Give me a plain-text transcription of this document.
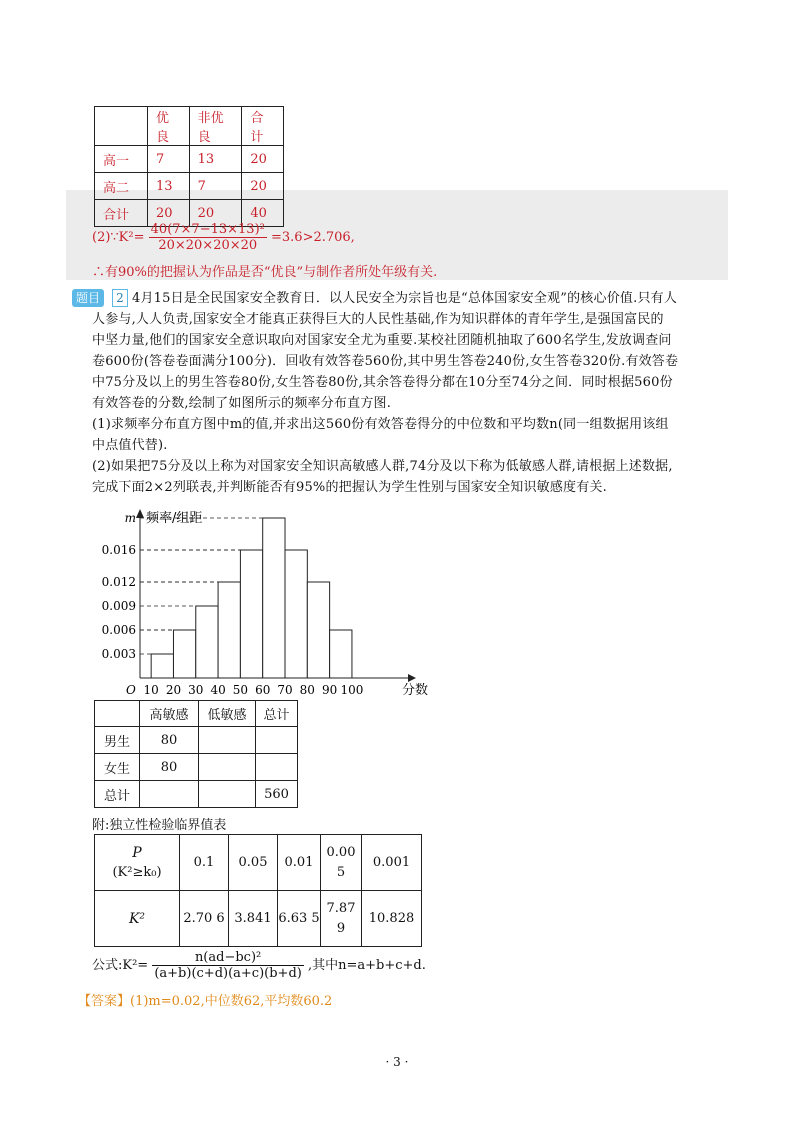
	优良	非优良	合计
高一	7	13	20
高二	13	7	20
合计	20	20	40
(2)∵K²= $\frac{\text{40(7×7−13×13)²}}{20\times 20\times 20\times 20} =3.6>2.706$,
∴有90%的把握认为作品是否“优良”与制作者所处年级有关.
题目	2 4月15日是全民国家安全教育日．以人民安全为宗旨也是“总体国家安全观”的核心价值.只有人
人参与,人人负责,国家安全才能真正获得巨大的人民性基础,作为知识群体的青年学生,是强国富民的
中坚力量,他们的国家安全意识取向对国家安全尤为重要.某校社团随机抽取了600名学生,发放调查问
卷600份(答卷卷面满分100分)．回收有效答卷560份,其中男生答卷240份,女生答卷320份.有效答卷
中75分及以上的男生答卷80份,女生答卷80份,其余答卷得分都在10分至74分之间．同时根据560份
有效答卷的分数,绘制了如图所示的频率分布直方图.
(1)求频率分布直方图中m的值,并求出这560份有效答卷得分的中位数和平均数n(同一组数据用该组
中点值代替).
(2)如果把75分及以上称为对国家安全知识高敏感人群,74分及以下称为低敏感人群,请根据上述数据,
完成下面2×2列联表,并判断能否有95%的把握认为学生性别与国家安全知识敏感度有关.
0.003
0.006
0.009
0.012
0.016
m
10 20 30 40 50 60 70 80 90 100
O	分数
频率/组距
	高敏感	低敏感	总计
男生	80		
女生	80		
总计			560
附:独立性检验临界值表
P
(K²≥k₀)	0.1	0.05	0.01	0.00 5	0.001
K²	2.70 6	3.841	6.63 5	7.87 9	10.828
公式:K²= $\frac{\text{n(ad−bc)²}}{(a+b)(c+d)(a+c)(b+d)}$ ,其中n=a+b+c+d.
【答案】(1)m=0.02,中位数62,平均数60.2
· 3 ·
